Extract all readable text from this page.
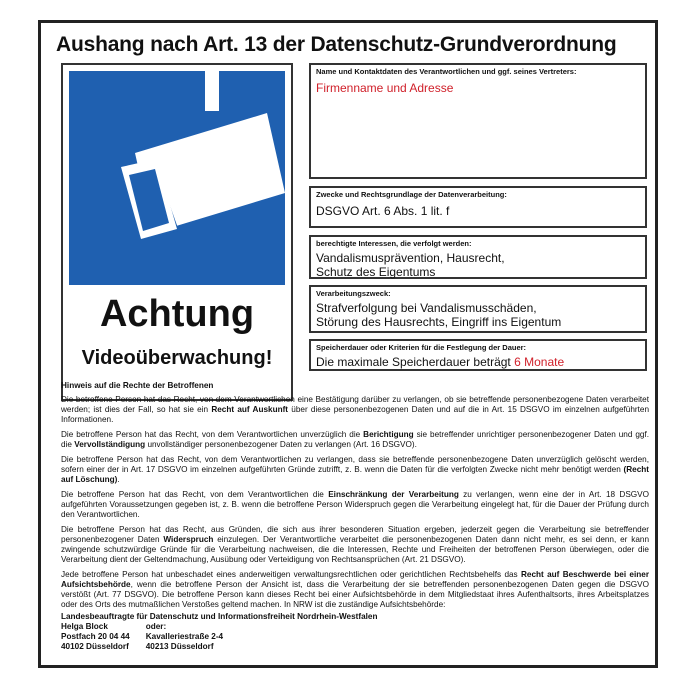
Aushang nach Art. 13 der Datenschutz-Grundverordnung
Achtung
Videoüberwachung!
Name und Kontaktdaten des Verantwortlichen und ggf. seines Vertreters:
Firmenname und Adresse
Zwecke und Rechtsgrundlage der Datenverarbeitung:
DSGVO Art. 6 Abs. 1 lit. f
berechtigte Interessen, die verfolgt werden:
Vandalismusprävention, Hausrecht,
Schutz des Eigentums
Verarbeitungszweck:
Strafverfolgung bei Vandalismusschäden,
Störung des Hausrechts, Eingriff ins Eigentum
Speicherdauer oder Kriterien für die Festlegung der Dauer:
Die maximale Speicherdauer beträgt 6 Monate
Hinweis auf die Rechte der Betroffenen

Die betroffene Person hat das Recht, von dem Verantwortlichen eine Bestätigung darüber zu verlangen, ob sie betreffende personenbezogene Daten verarbeitet werden; ist dies der Fall, so hat sie ein Recht auf Auskunft über diese personenbezogenen Daten und auf die in Art. 15 DSGVO im einzelnen aufgeführten Informationen.

Die betroffene Person hat das Recht, von dem Verantwortlichen unverzüglich die Berichtigung sie betreffender unrichtiger personenbezogener Daten und ggf. die Vervollständigung unvollständiger personenbezogener Daten zu verlangen (Art. 16 DSGVO).

Die betroffene Person hat das Recht, von dem Verantwortlichen zu verlangen, dass sie betreffende personenbezogene Daten unverzüglich gelöscht werden, sofern einer der in Art. 17 DSGVO im einzelnen aufgeführten Gründe zutrifft, z. B. wenn die Daten für die verfolgten Zwecke nicht mehr benötigt werden (Recht auf Löschung).

Die betroffene Person hat das Recht, von dem Verantwortlichen die Einschränkung der Verarbeitung zu verlangen, wenn eine der in Art. 18 DSGVO aufgeführten Voraussetzungen gegeben ist, z. B. wenn die betroffene Person Widerspruch gegen die Verarbeitung eingelegt hat, für die Dauer der Prüfung durch den Verantwortlichen.

Die betroffene Person hat das Recht, aus Gründen, die sich aus ihrer besonderen Situation ergeben, jederzeit gegen die Verarbeitung sie betreffender personenbezogener Daten Widerspruch einzulegen. Der Verantwortliche verarbeitet die personenbezogenen Daten dann nicht mehr, es sei denn, er kann zwingende schutzwürdige Gründe für die Verarbeitung nachweisen, die die Interessen, Rechte und Freiheiten der betroffenen Person überwiegen, oder die Verarbeitung dient der Geltendmachung, Ausübung oder Verteidigung von Rechtsansprüchen (Art. 21 DSGVO).

Jede betroffene Person hat unbeschadet eines anderweitigen verwaltungsrechtlichen oder gerichtlichen Rechtsbehelfs das Recht auf Beschwerde bei einer Aufsichtsbehörde, wenn die betroffene Person der Ansicht ist, dass die Verarbeitung der sie betreffenden personenbezogenen Daten gegen die DSGVO verstößt (Art. 77 DSGVO). Die betroffene Person kann dieses Recht bei einer Aufsichtsbehörde in dem Mitgliedstaat ihres Aufenthaltsorts, ihres Arbeitsplatzes oder des Orts des mutmaßlichen Verstoßes geltend machen. In NRW ist die zuständige Aufsichtsbehörde:

Landesbeauftragte für Datenschutz und Informationsfreiheit Nordrhein-Westfalen
Helga Block	oder:
Postfach 20 04 44	Kavalleriestraße 2-4
40102 Düsseldorf	40213 Düsseldorf
